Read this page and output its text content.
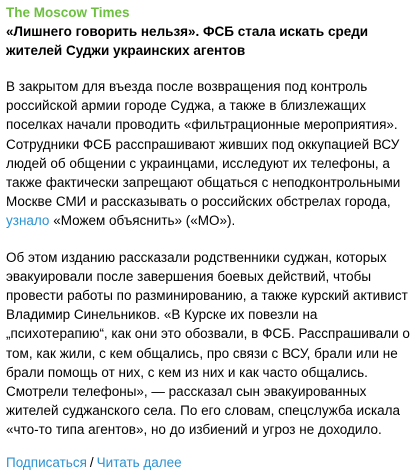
The Moscow Times
«Лишнего говорить нельзя». ФСБ стала искать среди жителей Суджи украинских агентов
В закрытом для въезда после возвращения под контроль российской армии городе Суджа, а также в близлежащих поселках начали проводить «фильтрационные мероприятия». Сотрудники ФСБ расспрашивают живших под оккупацией ВСУ людей об общении с украинцами, исследуют их телефоны, а также фактически запрещают общаться с неподконтрольными Москве СМИ и рассказывать о российских обстрелах города, узнало «Можем объяснить» («МО»).
Об этом изданию рассказали родственники суджан, которых эвакуировали после завершения боевых действий, чтобы провести работы по разминированию, а также курский активист Владимир Синельников. «В Курске их повезли на „психотерапию“, как они это обозвали, в ФСБ. Расспрашивали о том, как жили, с кем общались, про связи с ВСУ, брали или не брали помощь от них, с кем из них и как часто общались. Смотрели телефоны», — рассказал сын эвакуированных жителей суджанского села. По его словам, спецслужба искала «что-то типа агентов», но до избиений и угроз не доходило.
Подписаться / Читать далее
